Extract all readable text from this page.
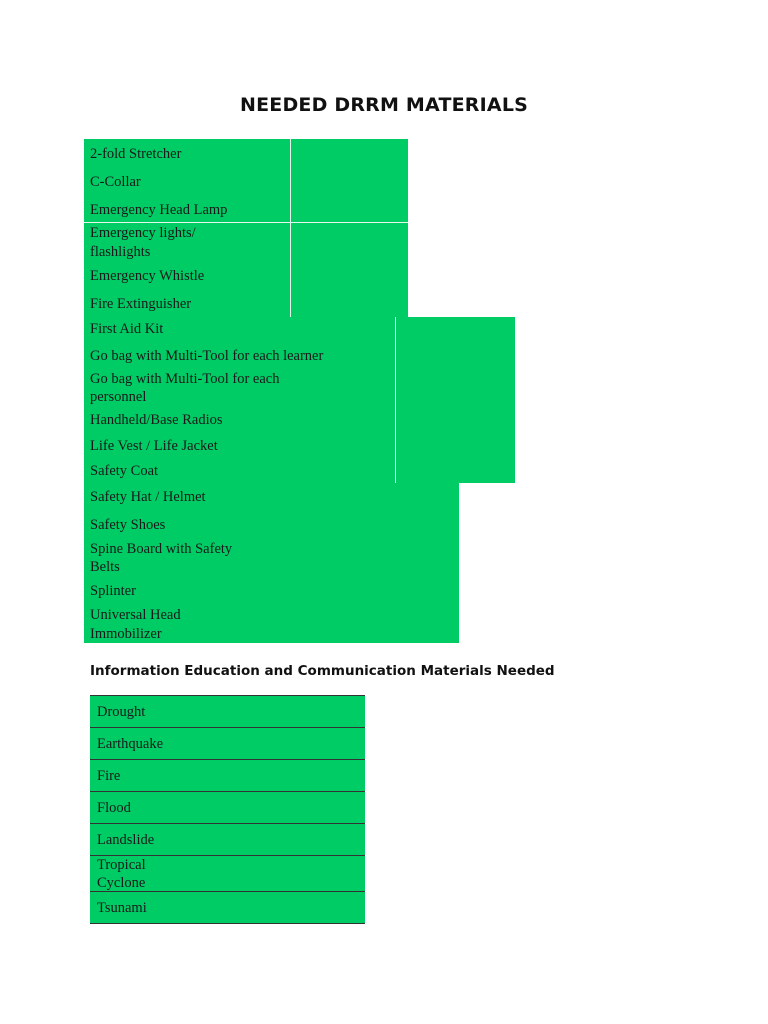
NEEDED DRRM MATERIALS
2-fold Stretcher
C-Collar
Emergency Head Lamp
Emergency lights/
flashlights
Emergency Whistle
Fire Extinguisher
First Aid Kit
Go bag with Multi-Tool for each learner
Go bag with Multi-Tool for each
personnel
Handheld/Base Radios
Life Vest / Life Jacket
Safety Coat
Safety Hat / Helmet
Safety Shoes
Spine Board with Safety
Belts
Splinter
Universal Head
Immobilizer
Information Education and Communication Materials Needed
Drought
Earthquake
Fire
Flood
Landslide
Tropical
Cyclone
Tsunami
